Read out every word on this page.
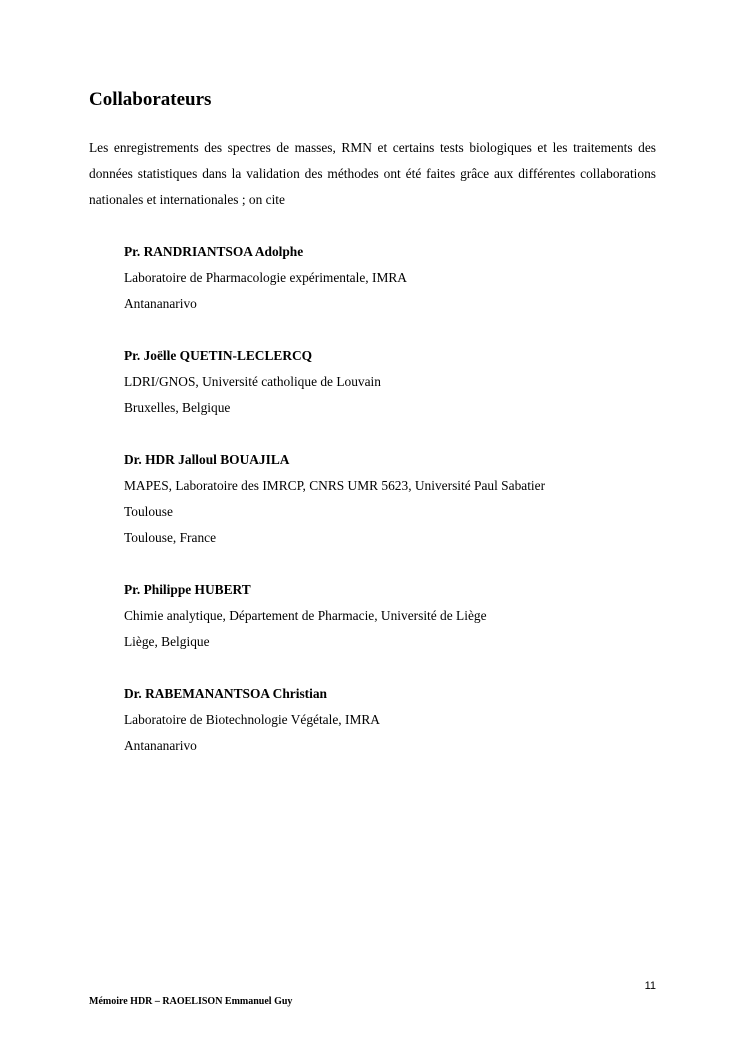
Collaborateurs

Les enregistrements des spectres de masses, RMN et certains tests biologiques et les traitements des données statistiques dans la validation des méthodes ont été faites grâce aux différentes collaborations nationales et internationales ; on cite

Pr. RANDRIANTSOA Adolphe
Laboratoire de Pharmacologie expérimentale, IMRA
Antananarivo
Pr. Joëlle QUETIN-LECLERCQ
LDRI/GNOS, Université catholique de Louvain
Bruxelles, Belgique
Dr. HDR Jalloul BOUAJILA
MAPES, Laboratoire des IMRCP, CNRS UMR 5623, Université Paul Sabatier
Toulouse
Toulouse, France
Pr. Philippe HUBERT
Chimie analytique, Département de Pharmacie, Université de Liège
Liège, Belgique
Dr. RABEMANANTSOA Christian
Laboratoire de Biotechnologie Végétale, IMRA
Antananarivo
11
Mémoire HDR – RAOELISON Emmanuel Guy
